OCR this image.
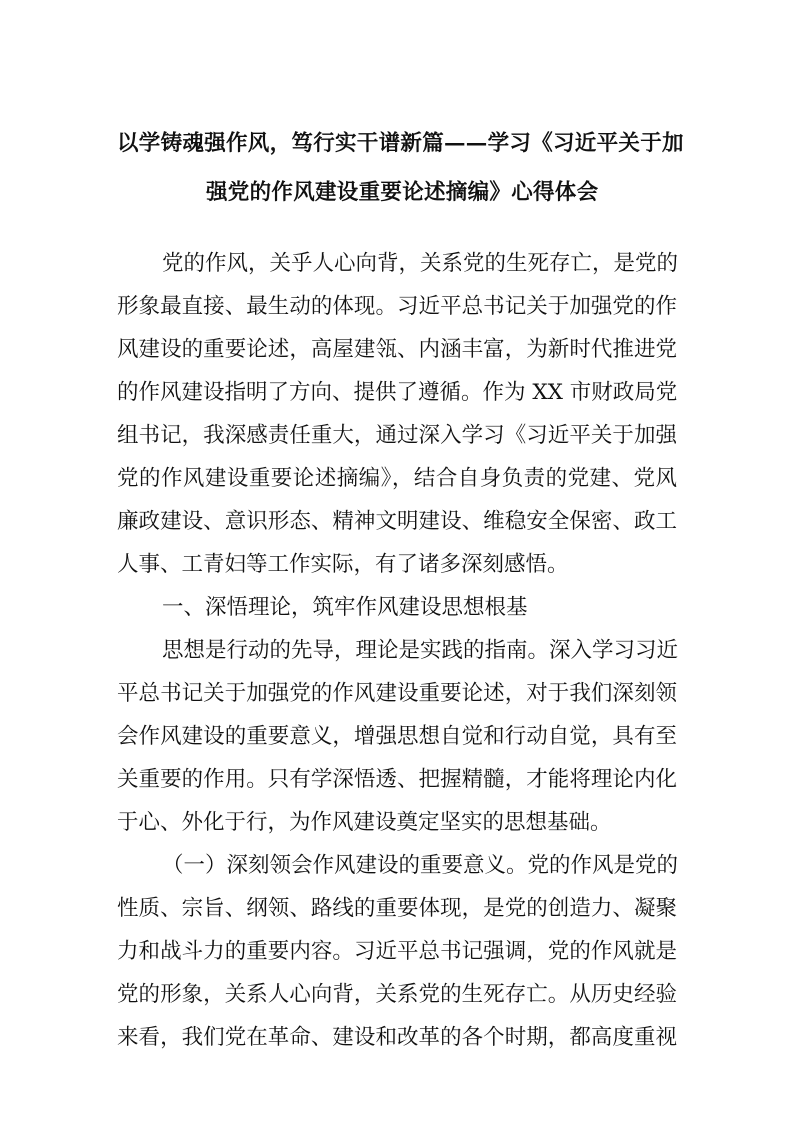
以学铸魂强作风，笃行实干谱新篇——学习《习近平关于加
强党的作风建设重要论述摘编》心得体会

党的作风，关乎人心向背，关系党的生死存亡，是党的

形象最直接、最生动的体现。习近平总书记关于加强党的作

风建设的重要论述，高屋建瓴、内涵丰富，为新时代推进党

的作风建设指明了方向、提供了遵循。作为 XX 市财政局党

组书记，我深感责任重大，通过深入学习《习近平关于加强

党的作风建设重要论述摘编》，结合自身负责的党建、党风

廉政建设、意识形态、精神文明建设、维稳安全保密、政工

人事、工青妇等工作实际，有了诸多深刻感悟。

一、深悟理论，筑牢作风建设思想根基

思想是行动的先导，理论是实践的指南。深入学习习近

平总书记关于加强党的作风建设重要论述，对于我们深刻领

会作风建设的重要意义，增强思想自觉和行动自觉，具有至

关重要的作用。只有学深悟透、把握精髓，才能将理论内化

于心、外化于行，为作风建设奠定坚实的思想基础。

（一）深刻领会作风建设的重要意义。党的作风是党的

性质、宗旨、纲领、路线的重要体现，是党的创造力、凝聚

力和战斗力的重要内容。习近平总书记强调，党的作风就是

党的形象，关系人心向背，关系党的生死存亡。从历史经验

来看，我们党在革命、建设和改革的各个时期，都高度重视
